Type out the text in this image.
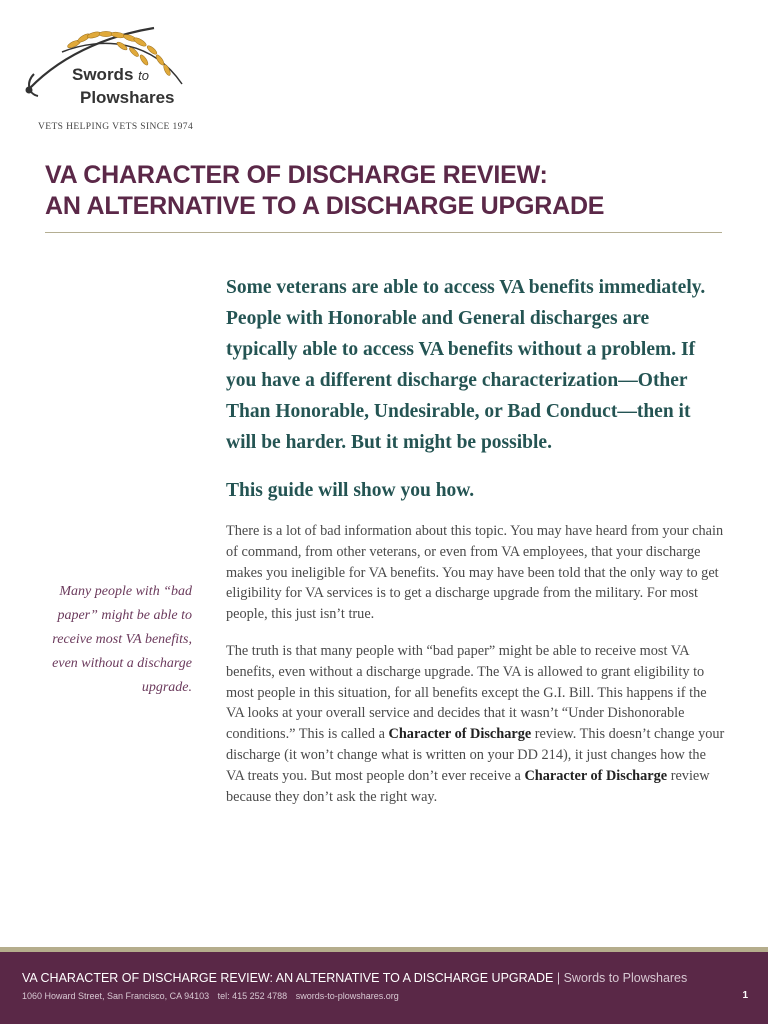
Swords to
Plowshares
VETS HELPING VETS SINCE 1974
VA CHARACTER OF DISCHARGE REVIEW:
AN ALTERNATIVE TO A DISCHARGE UPGRADE

Some veterans are able to access VA benefits immediately. People with Honorable and General discharges are typically able to access VA benefits without a problem. If you have a different discharge characterization—Other Than Honorable, Undesirable, or Bad Conduct—then it will be harder. But it might be possible.

This guide will show you how.

There is a lot of bad information about this topic. You may have heard from your chain of command, from other veterans, or even from VA employees, that your discharge makes you ineligible for VA benefits. You may have been told that the only way to get eligibility for VA services is to get a discharge upgrade from the military. For most people, this just isn’t true.

The truth is that many people with “bad paper” might be able to receive most VA benefits, even without a discharge upgrade. The VA is allowed to grant eligibility to most people in this situation, for all benefits except the G.I. Bill. This happens if the VA looks at your overall service and decides that it wasn’t “Under Dishonorable conditions.” This is called a Character of Discharge review. This doesn’t change your discharge (it won’t change what is written on your DD 214), it just changes how the VA treats you. But most people don’t ever receive a Character of Discharge review because they don’t ask the right way.

Many people with “bad paper” might be able to receive most VA benefits, even without a discharge upgrade.

VA CHARACTER OF DISCHARGE REVIEW: AN ALTERNATIVE TO A DISCHARGE UPGRADE | Swords to Plowshares
1060 Howard Street, San Francisco, CA 94103 tel: 415 252 4788 swords-to-plowshares.org	1
